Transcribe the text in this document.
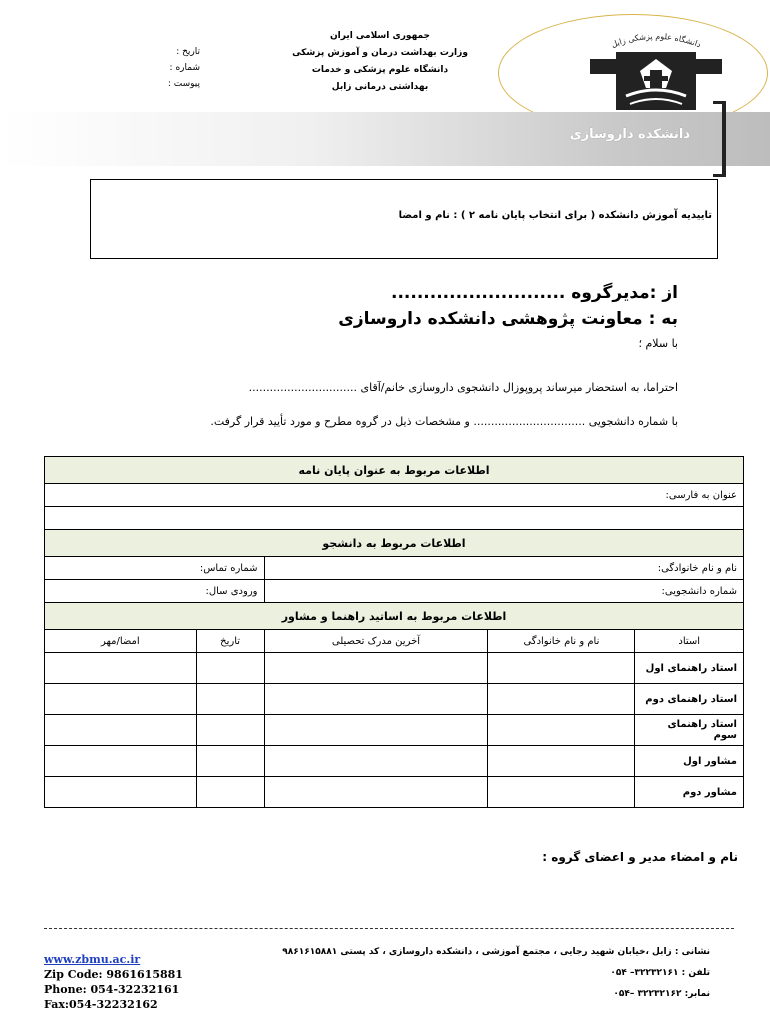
جمهوری اسلامی ایران
وزارت بهداشت درمان و آموزش پزشکی
دانشگاه علوم پزشکی و خدمات
بهداشتی درمانی زابل
تاریخ :
شماره :
پیوست :
دانشگاه علوم پزشکی زابل
دانشکده داروسازی
تاییدیه آموزش دانشکده ( برای انتخاب پایان نامه ۲ ) : نام و امضا
از :مدیرگروه ...........................
به : معاونت پژوهشی دانشکده داروسازی
با سلام ؛
احتراما، به استحضار میرساند پروپوزال دانشجوی داروسازی خانم/آقای ...............................
با شماره دانشجویی ................................ و مشخصات ذیل در گروه مطرح و مورد تأیید قرار گرفت.
اطلاعات مربوط به عنوان پایان نامه				
عنوان به فارسی:				

اطلاعات مربوط به دانشجو				
نام و نام خانوادگی:			شماره تماس:	
شماره دانشجویی:			ورودی سال:	
اطلاعات مربوط به اساتید راهنما و مشاور				
استاد	نام و نام خانوادگی	آخرین مدرک تحصیلی	تاریخ	امضا/مهر
استاد راهنمای اول				
استاد راهنمای دوم				
استاد راهنمای سوم				
مشاور اول				
مشاور دوم				
نام و امضاء مدیر و اعضای گروه :
www.zbmu.ac.ir
Zip Code: 9861615881
Phone: 054-32232161
Fax:054-32232162
نشانی : زابل ،خیابان شهید رجایی ، مجتمع آموزشی ، دانشکده داروسازی ، کد پستی ۹۸۶۱۶۱۵۸۸۱
تلفن : ۳۲۲۳۲۱۶۱– ۰۵۴
نمابر: ۳۲۲۳۲۱۶۲ –۰۵۴
